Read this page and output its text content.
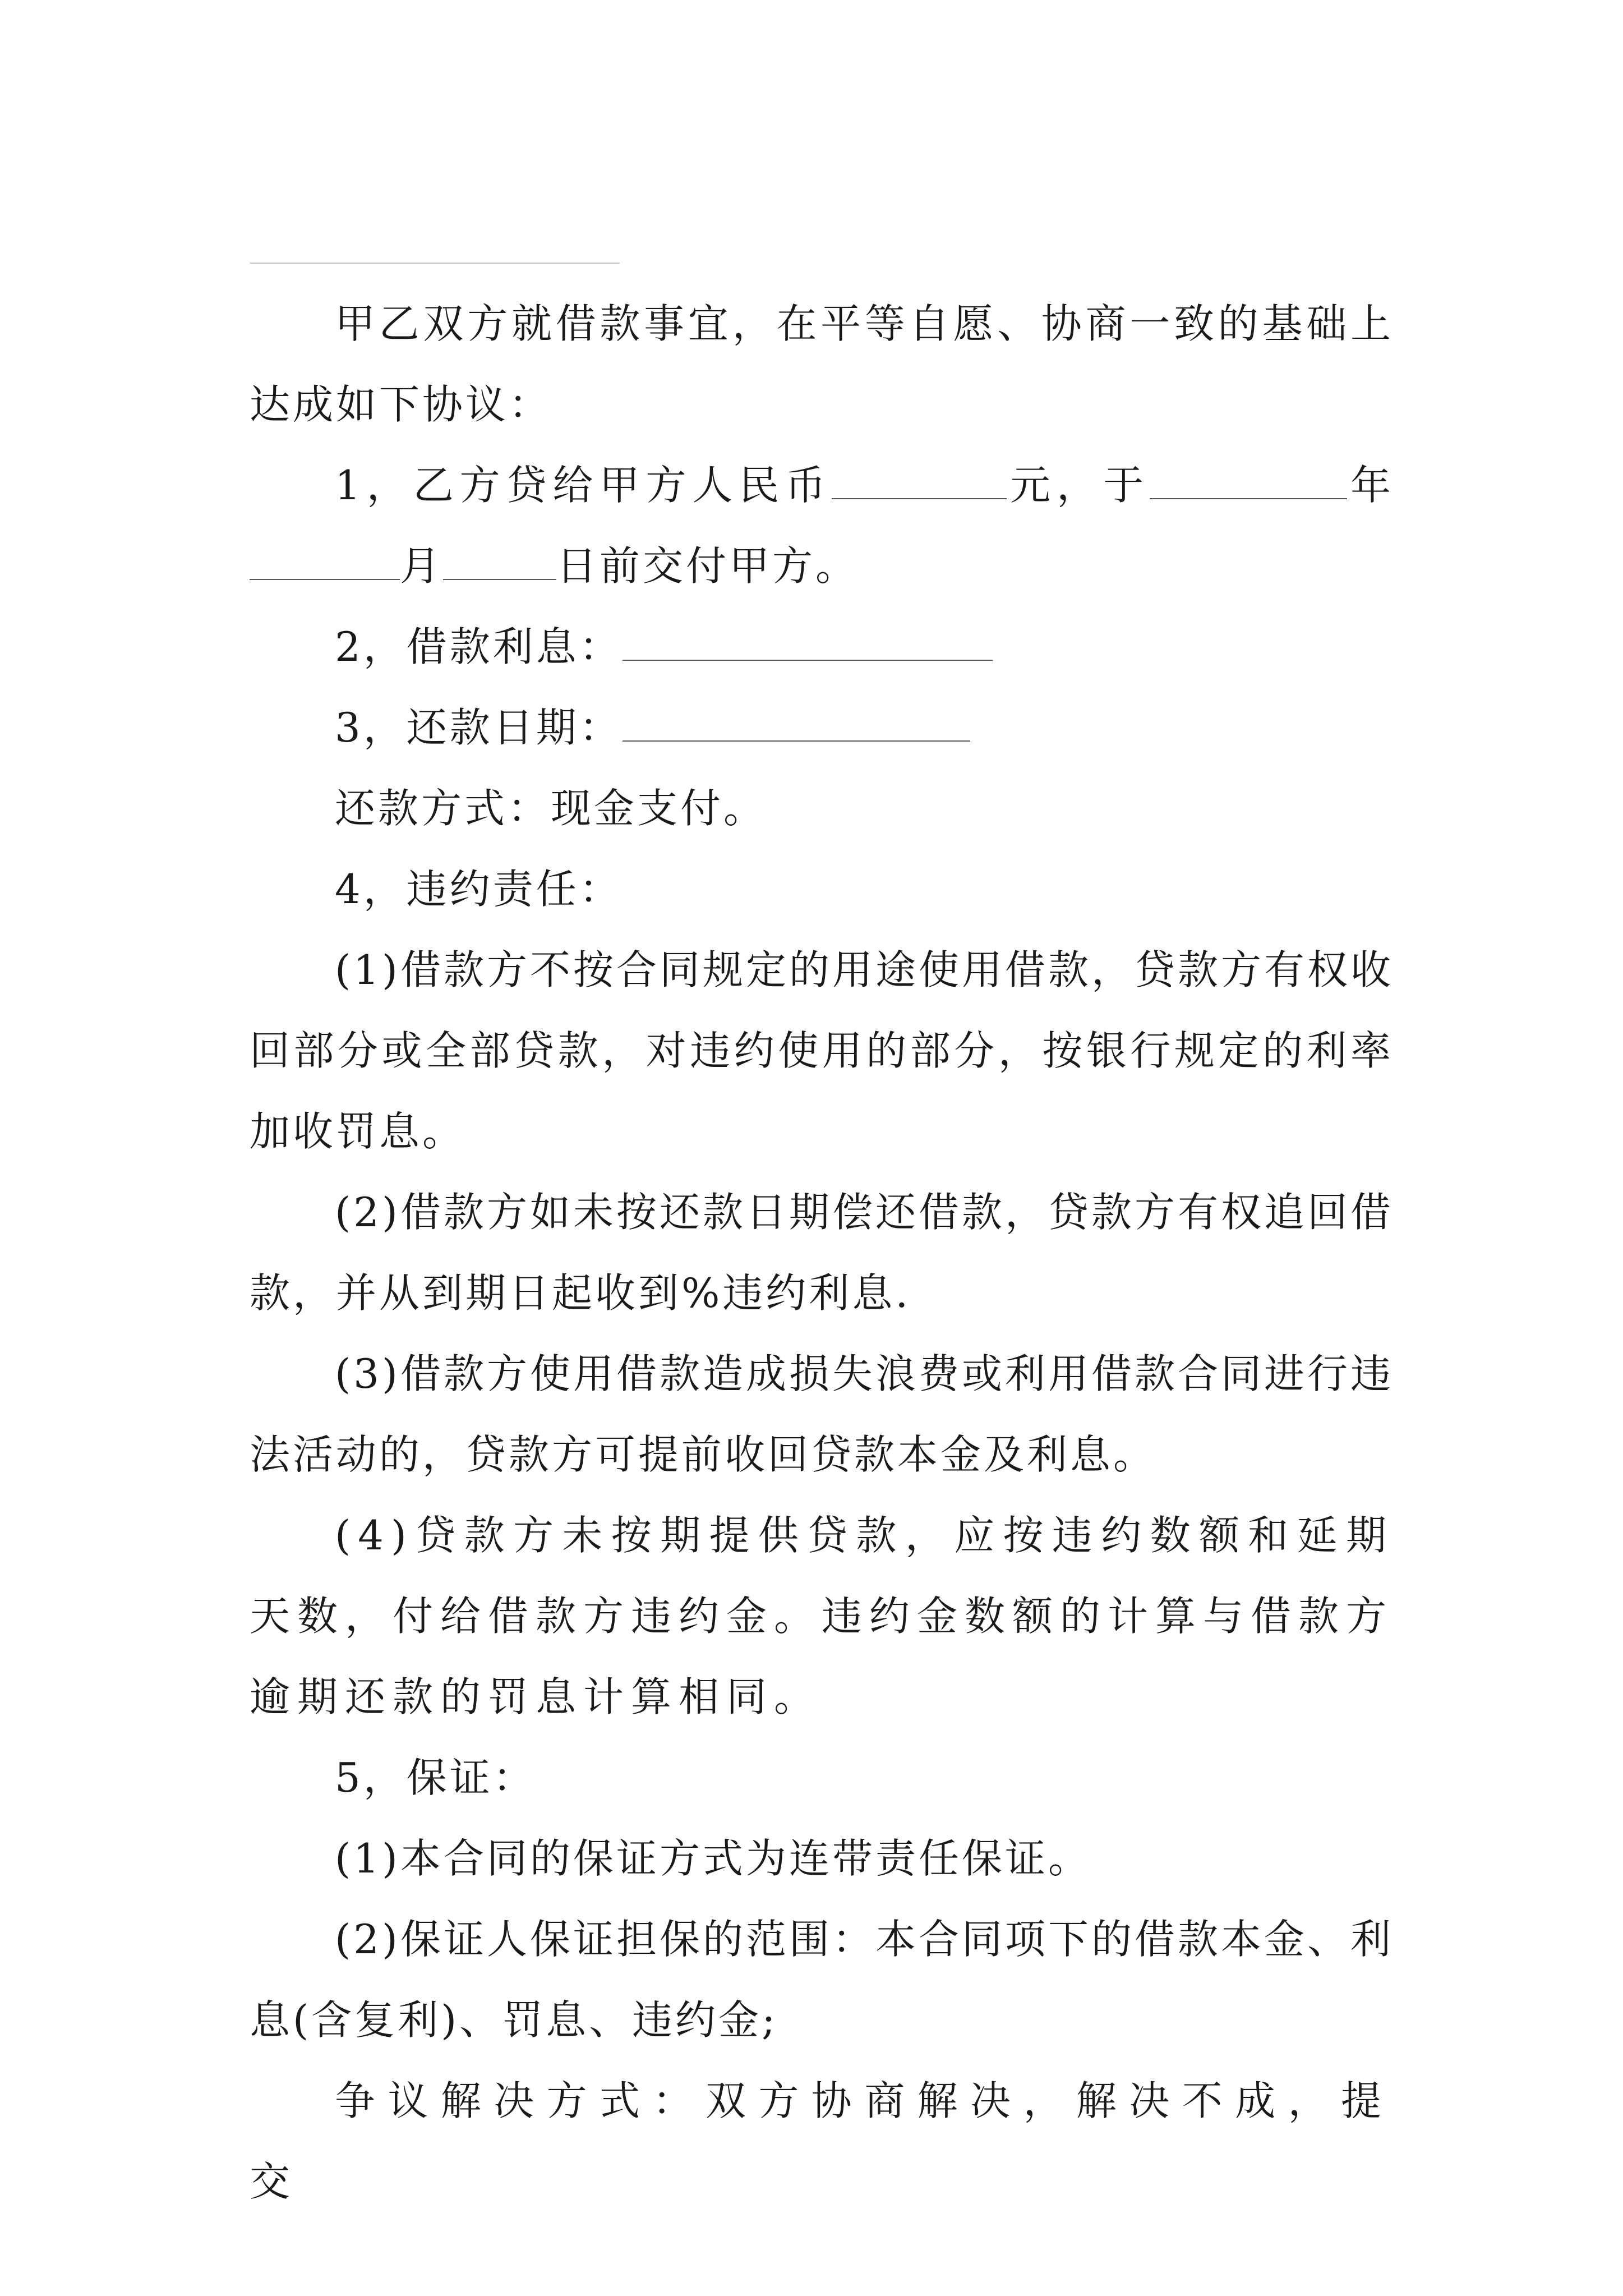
甲乙双方就借款事宜，在平等自愿、协商一致的基础上达成如下协议：

1，乙方贷给甲方人民币	元，于	年月	日前交付甲方。

2，借款利息：

3，还款日期：

还款方式：现金支付。

4，违约责任：

(1)借款方不按合同规定的用途使用借款，贷款方有权收回部分或全部贷款，对违约使用的部分，按银行规定的利率加收罚息。

(2)借款方如未按还款日期偿还借款，贷款方有权追回借款，并从到期日起收到%违约利息.

(3)借款方使用借款造成损失浪费或利用借款合同进行违法活动的，贷款方可提前收回贷款本金及利息。

(4)贷款方未按期提供贷款，应按违约数额和延期天数，付给借款方违约金。违约金数额的计算与借款方逾期还款的罚息计算相同。

5，保证：

(1)本合同的保证方式为连带责任保证。

(2)保证人保证担保的范围：本合同项下的借款本金、利息(含复利)、罚息、违约金;

争议解决方式：双方协商解决，解决不成，提交
